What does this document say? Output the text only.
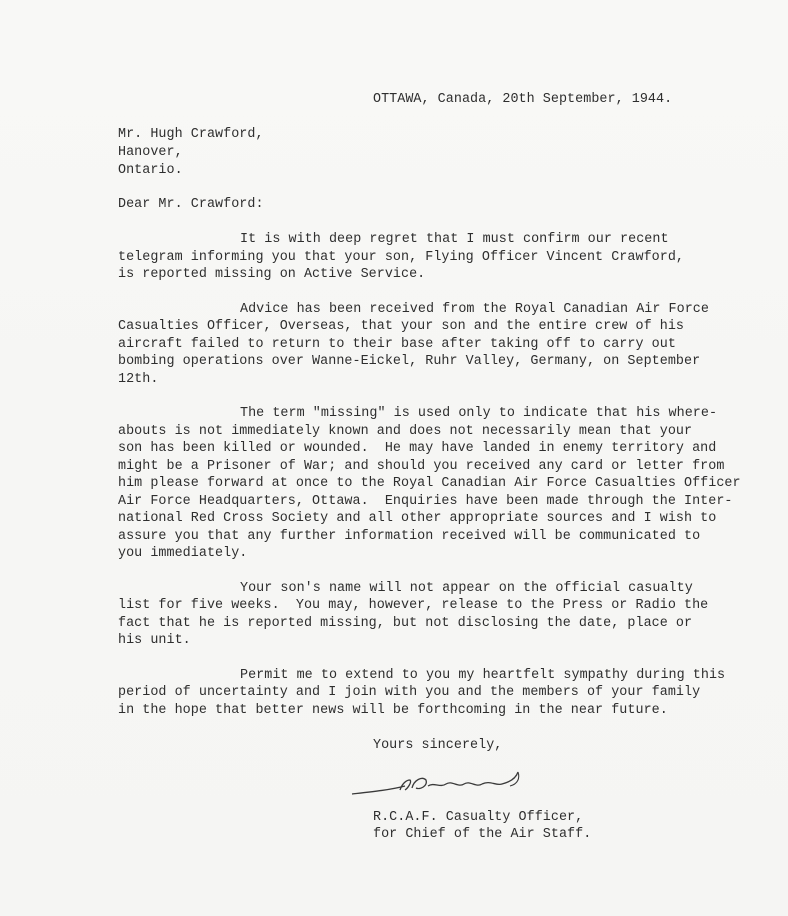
OTTAWA, Canada, 20th September, 1944.
Mr. Hugh Crawford,
Hanover,
Ontario.
Dear Mr. Crawford:
It is with deep regret that I must confirm our recent
telegram informing you that your son, Flying Officer Vincent Crawford,
is reported missing on Active Service.
Advice has been received from the Royal Canadian Air Force
Casualties Officer, Overseas, that your son and the entire crew of his
aircraft failed to return to their base after taking off to carry out
bombing operations over Wanne-Eickel, Ruhr Valley, Germany, on September
12th.
The term "missing" is used only to indicate that his where-
abouts is not immediately known and does not necessarily mean that your
son has been killed or wounded.  He may have landed in enemy territory and
might be a Prisoner of War; and should you received any card or letter from
him please forward at once to the Royal Canadian Air Force Casualties Officer
Air Force Headquarters, Ottawa.  Enquiries have been made through the Inter-
national Red Cross Society and all other appropriate sources and I wish to
assure you that any further information received will be communicated to
you immediately.
Your son's name will not appear on the official casualty
list for five weeks.  You may, however, release to the Press or Radio the
fact that he is reported missing, but not disclosing the date, place or
his unit.
Permit me to extend to you my heartfelt sympathy during this
period of uncertainty and I join with you and the members of your family
in the hope that better news will be forthcoming in the near future.
Yours sincerely,
R.C.A.F. Casualty Officer,
for Chief of the Air Staff.
